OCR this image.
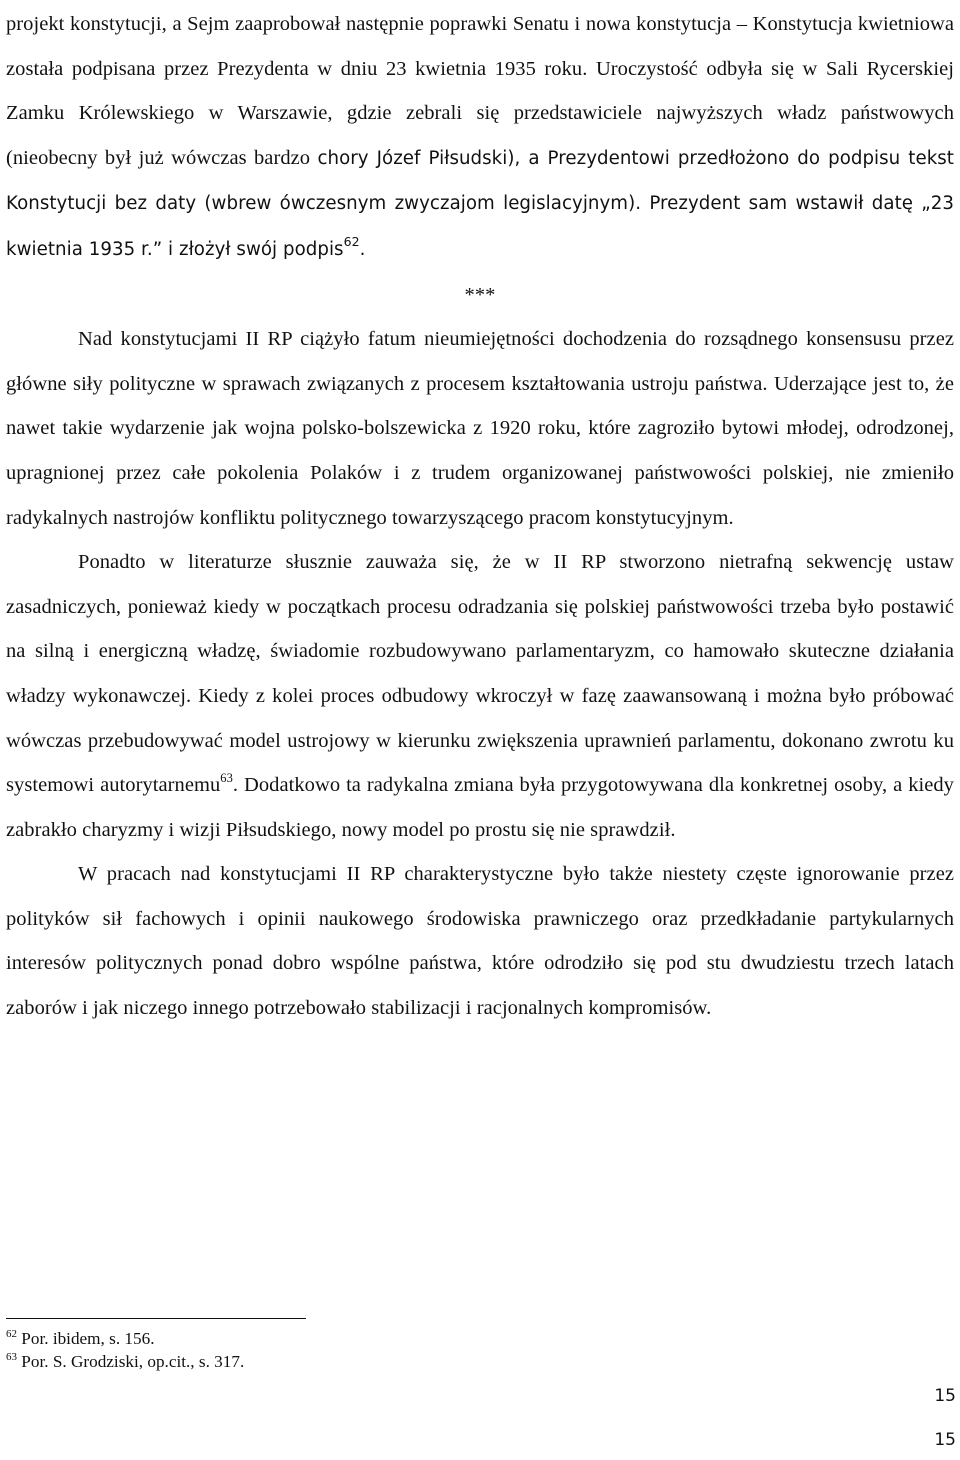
projekt konstytucji, a Sejm zaaprobował następnie poprawki Senatu i nowa konstytucja – Konstytucja kwietniowa została podpisana przez Prezydenta w dniu 23 kwietnia 1935 roku. Uroczystość odbyła się w Sali Rycerskiej Zamku Królewskiego w Warszawie, gdzie zebrali się przedstawiciele najwyższych władz państwowych (nieobecny był już wówczas bardzo chory Józef Piłsudski), a Prezydentowi przedłożono do podpisu tekst Konstytucji bez daty (wbrew ówczesnym zwyczajom legislacyjnym). Prezydent sam wstawił datę „23 kwietnia 1935 r.” i złożył swój podpis$^{62}$.

***

Nad konstytucjami II RP ciążyło fatum nieumiejętności dochodzenia do rozsądnego konsensusu przez główne siły polityczne w sprawach związanych z procesem kształtowania ustroju państwa. Uderzające jest to, że nawet takie wydarzenie jak wojna polsko-bolszewicka z 1920 roku, które zagroziło bytowi młodej, odrodzonej, upragnionej przez całe pokolenia Polaków i z trudem organizowanej państwowości polskiej, nie zmieniło radykalnych nastrojów konfliktu politycznego towarzyszącego pracom konstytucyjnym.

Ponadto w literaturze słusznie zauważa się, że w II RP stworzono nietrafną sekwencję ustaw zasadniczych, ponieważ kiedy w początkach procesu odradzania się polskiej państwowości trzeba było postawić na silną i energiczną władzę, świadomie rozbudowywano parlamentaryzm, co hamowało skuteczne działania władzy wykonawczej. Kiedy z kolei proces odbudowy wkroczył w fazę zaawansowaną i można było próbować wówczas przebudowywać model ustrojowy w kierunku zwiększenia uprawnień parlamentu, dokonano zwrotu ku systemowi autorytarnemu$^{63}$. Dodatkowo ta radykalna zmiana była przygotowywana dla konkretnej osoby, a kiedy zabrakło charyzmy i wizji Piłsudskiego, nowy model po prostu się nie sprawdził.

W pracach nad konstytucjami II RP charakterystyczne było także niestety częste ignorowanie przez polityków sił fachowych i opinii naukowego środowiska prawniczego oraz przedkładanie partykularnych interesów politycznych ponad dobro wspólne państwa, które odrodziło się pod stu dwudziestu trzech latach zaborów i jak niczego innego potrzebowało stabilizacji i racjonalnych kompromisów.

$^{62}$ Por. ibidem, s. 156.

$^{63}$ Por. S. Grodziski, op.cit., s. 317.

15
15
